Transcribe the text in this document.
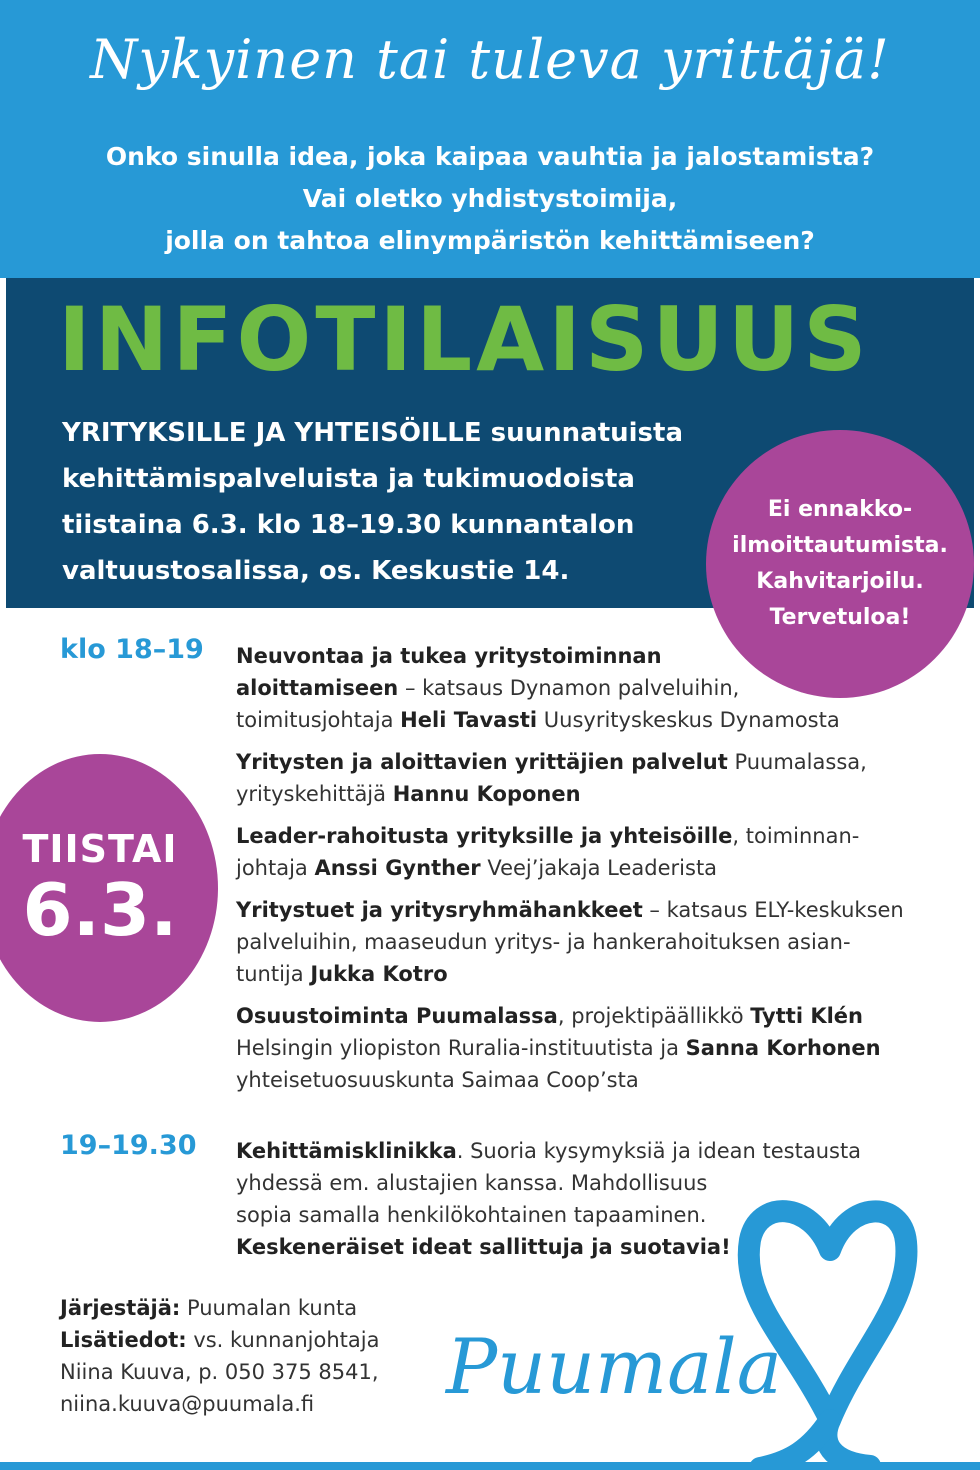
Nykyinen tai tuleva yrittäjä!
Onko sinulla idea, joka kaipaa vauhtia ja jalostamista?
Vai oletko yhdistystoimija,
jolla on tahtoa elinympäristön kehittämiseen?
INFOTILAISUUS
YRITYKSILLE JA YHTEISÖILLE suunnatuista
kehittämispalveluista ja tukimuodoista
tiistaina 6.3. klo 18–19.30 kunnantalon
valtuustosalissa, os. Keskustie 14.
Ei ennakko-
ilmoittautumista.
Kahvitarjoilu.
Tervetuloa!
TIISTAI
6.3.
klo 18–19
19–19.30
Neuvontaa ja tukea yritystoiminnan
aloittamiseen – katsaus Dynamon palveluihin,
toimitusjohtaja Heli Tavasti Uusyrityskeskus Dynamosta
Yritysten ja aloittavien yrittäjien palvelut Puumalassa,
yrityskehittäjä Hannu Koponen
Leader-rahoitusta yrityksille ja yhteisöille, toiminnan-
johtaja Anssi Gynther Veej’jakaja Leaderista
Yritystuet ja yritysryhmähankkeet – katsaus ELY-keskuksen
palveluihin, maaseudun yritys- ja hankerahoituksen asian-
tuntija Jukka Kotro
Osuustoiminta Puumalassa, projektipäällikkö Tytti Klén
Helsingin yliopiston Ruralia-instituutista ja Sanna Korhonen
yhteisetuosuuskunta Saimaa Coop’sta
Kehittämisklinikka. Suoria kysymyksiä ja idean testausta
yhdessä em. alustajien kanssa. Mahdollisuus
sopia samalla henkilökohtainen tapaaminen.
Keskeneräiset ideat sallittuja ja suotavia!
Järjestäjä: Puumalan kunta
Lisätiedot: vs. kunnanjohtaja
Niina Kuuva, p. 050 375 8541,
niina.kuuva@puumala.fi	Puumala
